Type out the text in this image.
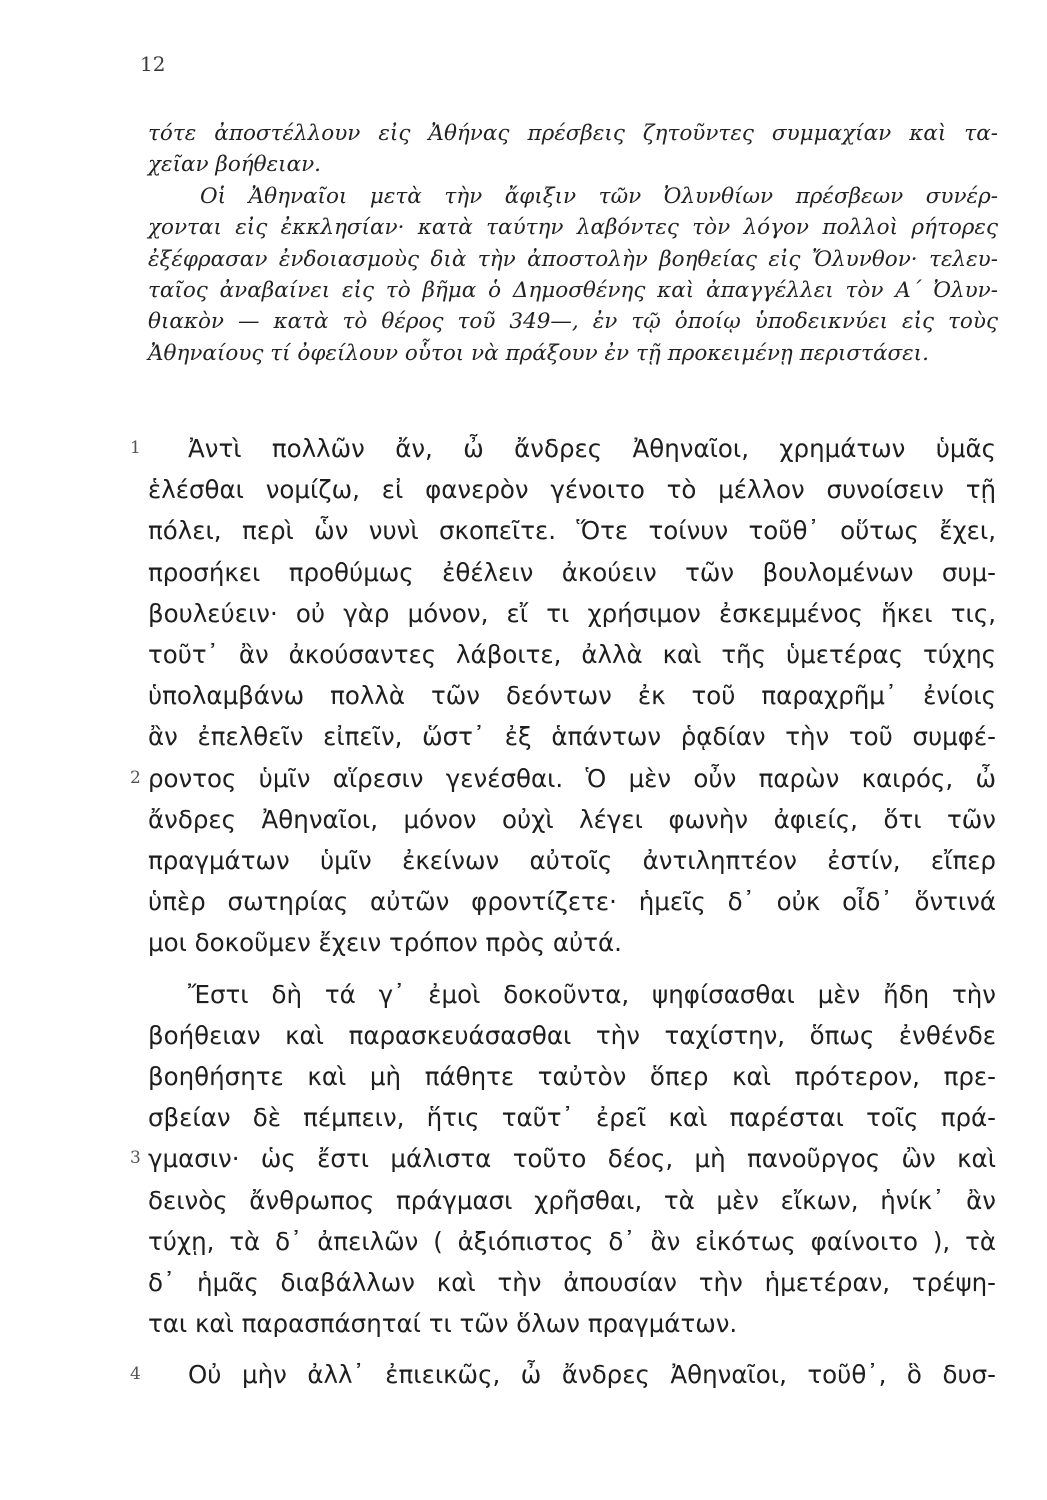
12
τότε ἀποστέλλουν εἰς Ἀθήνας πρέσβεις ζητοῦντες συμμαχίαν καὶ τα-
χεῖαν βοήθειαν.
Οἱ Ἀθηναῖοι μετὰ τὴν ἄφιξιν τῶν Ὀλυνθίων πρέσβεων συνέρ-
χονται εἰς ἐκκλησίαν· κατὰ ταύτην λαβόντες τὸν λόγον πολλοὶ ρήτορες
ἐξέφρασαν ἐνδοιασμοὺς διὰ τὴν ἀποστολὴν βοηθείας εἰς Ὄλυνθον· τελευ-
ταῖος ἀναβαίνει εἰς τὸ βῆμα ὁ Δημοσθένης καὶ ἀπαγγέλλει τὸν Α΄ Ὀλυν-
θιακὸν — κατὰ τὸ θέρος τοῦ 349—, ἐν τῷ ὁποίῳ ὑποδεικνύει εἰς τοὺς
Ἀθηναίους τί ὀφείλουν οὗτοι νὰ πράξουν ἐν τῇ προκειμένῃ περιστάσει.
1 Ἀντὶ πολλῶν ἄν, ὦ ἄνδρες Ἀθηναῖοι, χρημάτων ὑμᾶς
ἑλέσθαι νομίζω, εἰ φανερὸν γένοιτο τὸ μέλλον συνοίσειν τῇ
πόλει, περὶ ὧν νυνὶ σκοπεῖτε. Ὅτε τοίνυν τοῦθ᾽ οὕτως ἔχει,
προσήκει προθύμως ἐθέλειν ἀκούειν τῶν βουλομένων συμ-
βουλεύειν· οὐ γὰρ μόνον, εἴ τι χρήσιμον ἐσκεμμένος ἥκει τις,
τοῦτ᾽ ἂν ἀκούσαντες λάβοιτε, ἀλλὰ καὶ τῆς ὑμετέρας τύχης
ὑπολαμβάνω πολλὰ τῶν δεόντων ἐκ τοῦ παραχρῆμ᾽ ἐνίοις
ἂν ἐπελθεῖν εἰπεῖν, ὥστ᾽ ἐξ ἁπάντων ῥᾳδίαν τὴν τοῦ συμφέ-
2 ροντος ὑμῖν αἵρεσιν γενέσθαι. Ὁ μὲν οὖν παρὼν καιρός, ὦ
ἄνδρες Ἀθηναῖοι, μόνον οὐχὶ λέγει φωνὴν ἀφιείς, ὅτι τῶν
πραγμάτων ὑμῖν ἐκείνων αὐτοῖς ἀντιληπτέον ἐστίν, εἴπερ
ὑπὲρ σωτηρίας αὐτῶν φροντίζετε· ἡμεῖς δ᾽ οὐκ οἶδ᾽ ὅντινά
μοι δοκοῦμεν ἔχειν τρόπον πρὸς αὐτά.
Ἔστι δὴ τά γ᾽ ἐμοὶ δοκοῦντα, ψηφίσασθαι μὲν ἤδη τὴν
βοήθειαν καὶ παρασκευάσασθαι τὴν ταχίστην, ὅπως ἐνθένδε
βοηθήσητε καὶ μὴ πάθητε ταὐτὸν ὅπερ καὶ πρότερον, πρε-
σβείαν δὲ πέμπειν, ἥτις ταῦτ᾽ ἐρεῖ καὶ παρέσται τοῖς πρά-
3 γμασιν· ὡς ἔστι μάλιστα τοῦτο δέος, μὴ πανοῦργος ὢν καὶ
δεινὸς ἄνθρωπος πράγμασι χρῆσθαι, τὰ μὲν εἴκων, ἡνίκ᾽ ἂν
τύχῃ, τὰ δ᾽ ἀπειλῶν ( ἀξιόπιστος δ᾽ ἂν εἰκότως φαίνοιτο ), τὰ
δ᾽ ἡμᾶς διαβάλλων καὶ τὴν ἀπουσίαν τὴν ἡμετέραν, τρέψη-
ται καὶ παρασπάσηταί τι τῶν ὅλων πραγμάτων.
4 Οὐ μὴν ἀλλ᾽ ἐπιεικῶς, ὦ ἄνδρες Ἀθηναῖοι, τοῦθ᾽, ὃ δυσ-
